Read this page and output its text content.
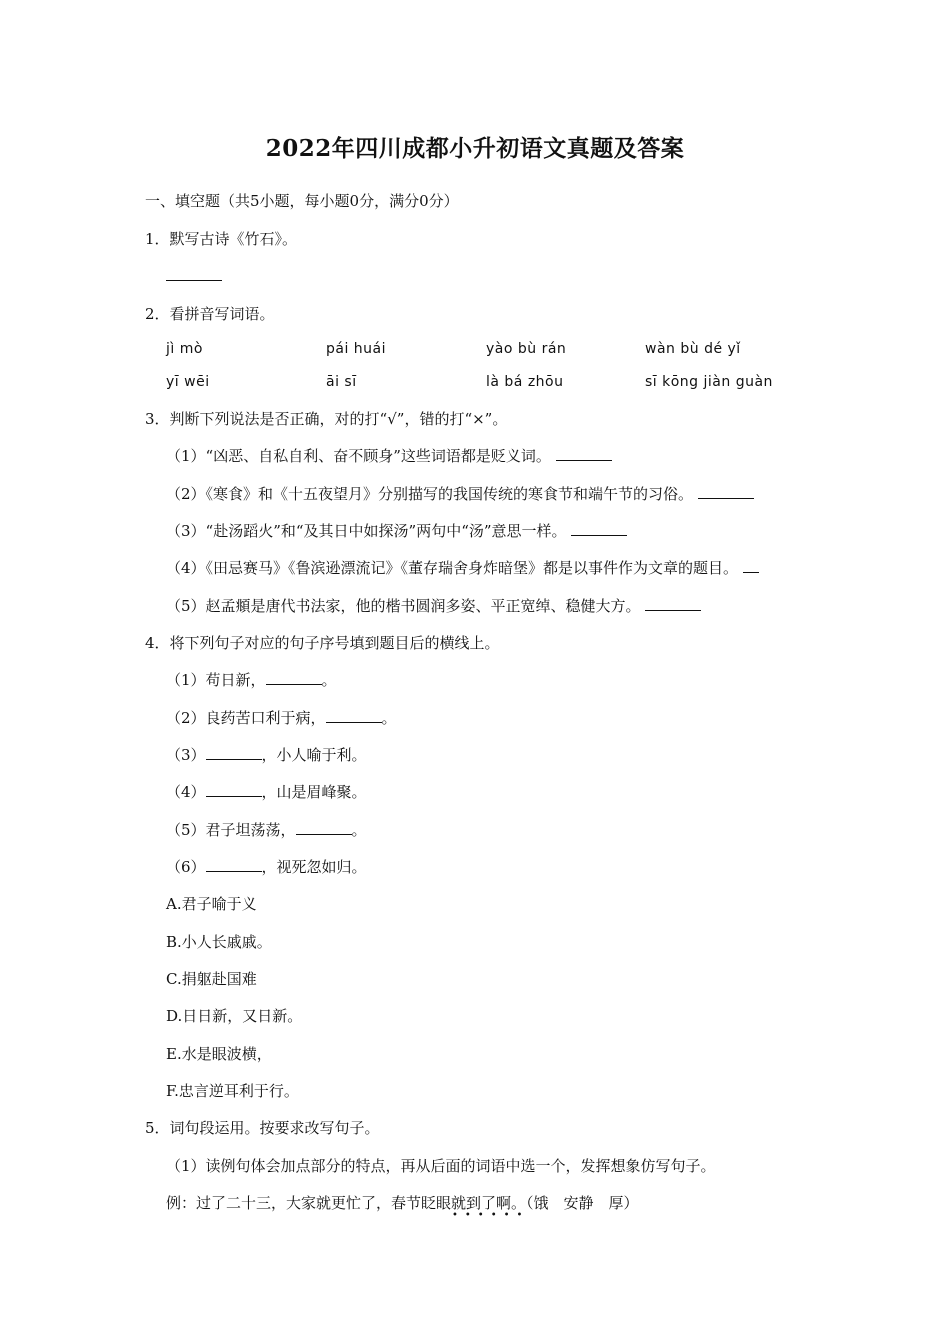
2022年四川成都小升初语文真题及答案
一、填空题（共5小题，每小题0分，满分0分）
1．默写古诗《竹石》。
2．看拼音写词语。
jì mò	pái huái	yào bù rán	wàn bù dé yǐ
yī wēi	āi sī	là bá zhōu	sī kōng jiàn guàn
3．判断下列说法是否正确，对的打“√”，错的打“×”。
（1）“凶恶、自私自利、奋不顾身”这些词语都是贬义词。
（2）《寒食》和《十五夜望月》分别描写的我国传统的寒食节和端午节的习俗。
（3）“赴汤蹈火”和“及其日中如探汤”两句中“汤”意思一样。
（4）《田忌赛马》《鲁滨逊漂流记》《董存瑞舍身炸暗堡》都是以事件作为文章的题目。
（5）赵孟頫是唐代书法家，他的楷书圆润多姿、平正宽绰、稳健大方。
4．将下列句子对应的句子序号填到题目后的横线上。
（1）苟日新，	。
（2）良药苦口利于病，	。
（3）	，小人喻于利。
（4）	，山是眉峰聚。
（5）君子坦荡荡，	。
（6）	，视死忽如归。
A.君子喻于义
B.小人长戚戚。
C.捐躯赴国难
D.日日新，又日新。
E.水是眼波横，
F.忠言逆耳利于行。
5．词句段运用。按要求改写句子。
（1）读例句体会加点部分的特点，再从后面的词语中选一个，发挥想象仿写句子。
例：过了二十三，大家就更忙了，春节眨眼就到了啊。（饿　安静　厚）
••••••
